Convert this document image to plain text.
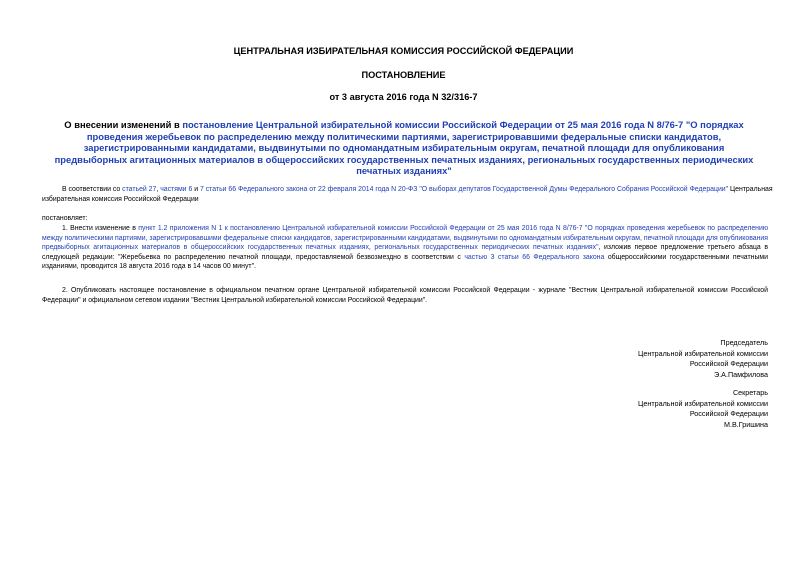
ЦЕНТРАЛЬНАЯ ИЗБИРАТЕЛЬНАЯ КОМИССИЯ РОССИЙСКОЙ ФЕДЕРАЦИИ
ПОСТАНОВЛЕНИЕ
от 3 августа 2016 года N 32/316-7
О внесении изменений в постановление Центральной избирательной комиссии Российской Федерации от 25 мая 2016 года N 8/76-7 "О порядках проведения жеребьевок по распределению между политическими партиями, зарегистрировавшими федеральные списки кандидатов, зарегистрированными кандидатами, выдвинутыми по одномандатным избирательным округам, печатной площади для опубликования предвыборных агитационных материалов в общероссийских государственных печатных изданиях, региональных государственных периодических печатных изданиях"
В соответствии со статьей 27, частями 6 и 7 статьи 66 Федерального закона от 22 февраля 2014 года N 20-ФЗ "О выборах депутатов Государственной Думы Федерального Собрания Российской Федерации" Центральная избирательная комиссия Российской Федерации
постановляет:
1. Внести изменение в пункт 1.2 приложения N 1 к постановлению Центральной избирательной комиссии Российской Федерации от 25 мая 2016 года N 8/76-7 "О порядках проведения жеребьевок по распределению между политическими партиями, зарегистрировавшими федеральные списки кандидатов, зарегистрированными кандидатами, выдвинутыми по одномандатным избирательным округам, печатной площади для опубликования предвыборных агитационных материалов в общероссийских государственных печатных изданиях, региональных государственных периодических печатных изданиях", изложив первое предложение третьего абзаца в следующей редакции: "Жеребьевка по распределению печатной площади, предоставляемой безвозмездно в соответствии с частью 3 статьи 66 Федерального закона общероссийскими государственными печатными изданиями, проводится 18 августа 2016 года в 14 часов 00 минут".
2. Опубликовать настоящее постановление в официальном печатном органе Центральной избирательной комиссии Российской Федерации - журнале "Вестник Центральной избирательной комиссии Российской Федерации" и официальном сетевом издании "Вестник Центральной избирательной комиссии Российской Федерации".
Председатель
Центральной избирательной комиссии
Российской Федерации
Э.А.Памфилова
Секретарь
Центральной избирательной комиссии
Российской Федерации
М.В.Гришина
